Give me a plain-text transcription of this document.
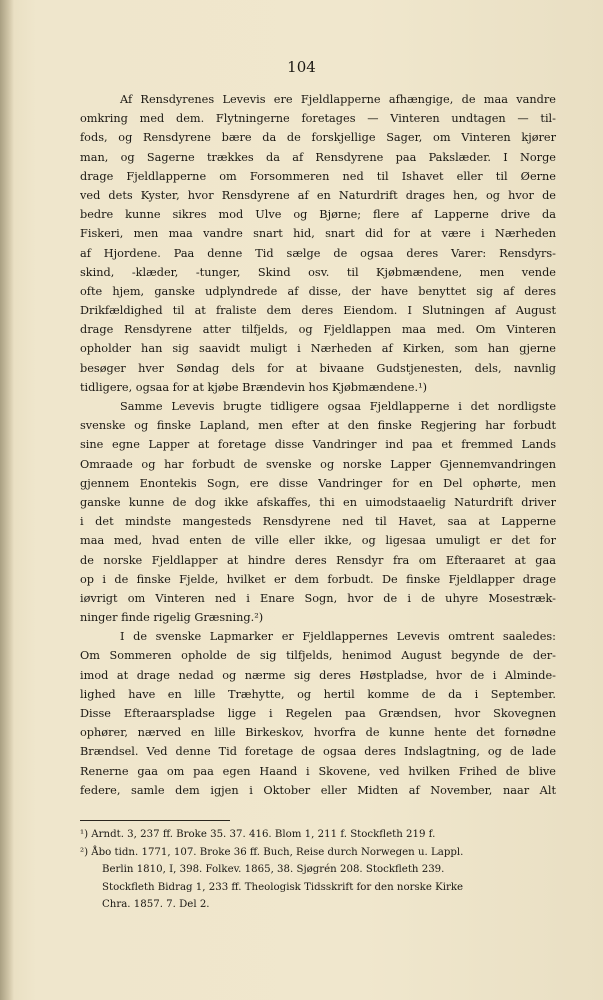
104
Af Rensdyrenes Levevis ere Fjeldlapperne afhængige, de maa vandre
omkring med dem. Flytningerne foretages — Vinteren undtagen — til-
fods, og Rensdyrene bære da de forskjellige Sager, om Vinteren kjører
man, og Sagerne trækkes da af Rensdyrene paa Pakslæder. I Norge
drage Fjeldlapperne om Forsommeren ned til Ishavet eller til Øerne
ved dets Kyster, hvor Rensdyrene af en Naturdrift drages hen, og hvor de
bedre kunne sikres mod Ulve og Bjørne; flere af Lapperne drive da
Fiskeri, men maa vandre snart hid, snart did for at være i Nærheden
af Hjordene. Paa denne Tid sælge de ogsaa deres Varer: Rensdyrs-
skind, -klæder, -tunger, Skind osv. til Kjøbmændene, men vende
ofte hjem, ganske udplyndrede af disse, der have benyttet sig af deres
Drikfældighed til at fraliste dem deres Eiendom. I Slutningen af August
drage Rensdyrene atter tilfjelds, og Fjeldlappen maa med. Om Vinteren
opholder han sig saavidt muligt i Nærheden af Kirken, som han gjerne
besøger hver Søndag dels for at bivaane Gudstjenesten, dels, navnlig
tidligere, ogsaa for at kjøbe Brændevin hos Kjøbmændene.¹)
Samme Levevis brugte tidligere ogsaa Fjeldlapperne i det nordligste
svenske og finske Lapland, men efter at den finske Regjering har forbudt
sine egne Lapper at foretage disse Vandringer ind paa et fremmed Lands
Omraade og har forbudt de svenske og norske Lapper Gjennemvandringen
gjennem Enontekis Sogn, ere disse Vandringer for en Del ophørte, men
ganske kunne de dog ikke afskaffes, thi en uimodstaaelig Naturdrift driver
i det mindste mangesteds Rensdyrene ned til Havet, saa at Lapperne
maa med, hvad enten de ville eller ikke, og ligesaa umuligt er det for
de norske Fjeldlapper at hindre deres Rensdyr fra om Efteraaret at gaa
op i de finske Fjelde, hvilket er dem forbudt. De finske Fjeldlapper drage
iøvrigt om Vinteren ned i Enare Sogn, hvor de i de uhyre Mosestræk-
ninger finde rigelig Græsning.²)
I de svenske Lapmarker er Fjeldlappernes Levevis omtrent saaledes:
Om Sommeren opholde de sig tilfjelds, henimod August begynde de der-
imod at drage nedad og nærme sig deres Høstpladse, hvor de i Alminde-
lighed have en lille Træhytte, og hertil komme de da i September.
Disse Efteraarspladse ligge i Regelen paa Grændsen, hvor Skovegnen
ophører, nærved en lille Birkeskov, hvorfra de kunne hente det fornødne
Brændsel. Ved denne Tid foretage de ogsaa deres Indslagtning, og de lade
Renerne gaa om paa egen Haand i Skovene, ved hvilken Frihed de blive
federe, samle dem igjen i Oktober eller Midten af November, naar Alt
¹) Arndt. 3, 237 ff. Broke 35. 37. 416. Blom 1, 211 f. Stockfleth 219 f.
²) Åbo tidn. 1771, 107. Broke 36 ff. Buch, Reise durch Norwegen u. Lappl.
Berlin 1810, I, 398. Folkev. 1865, 38. Sjøgrén 208. Stockfleth 239.
Stockfleth Bidrag 1, 233 ff. Theologisk Tidsskrift for den norske Kirke
Chra. 1857. 7. Del 2.
